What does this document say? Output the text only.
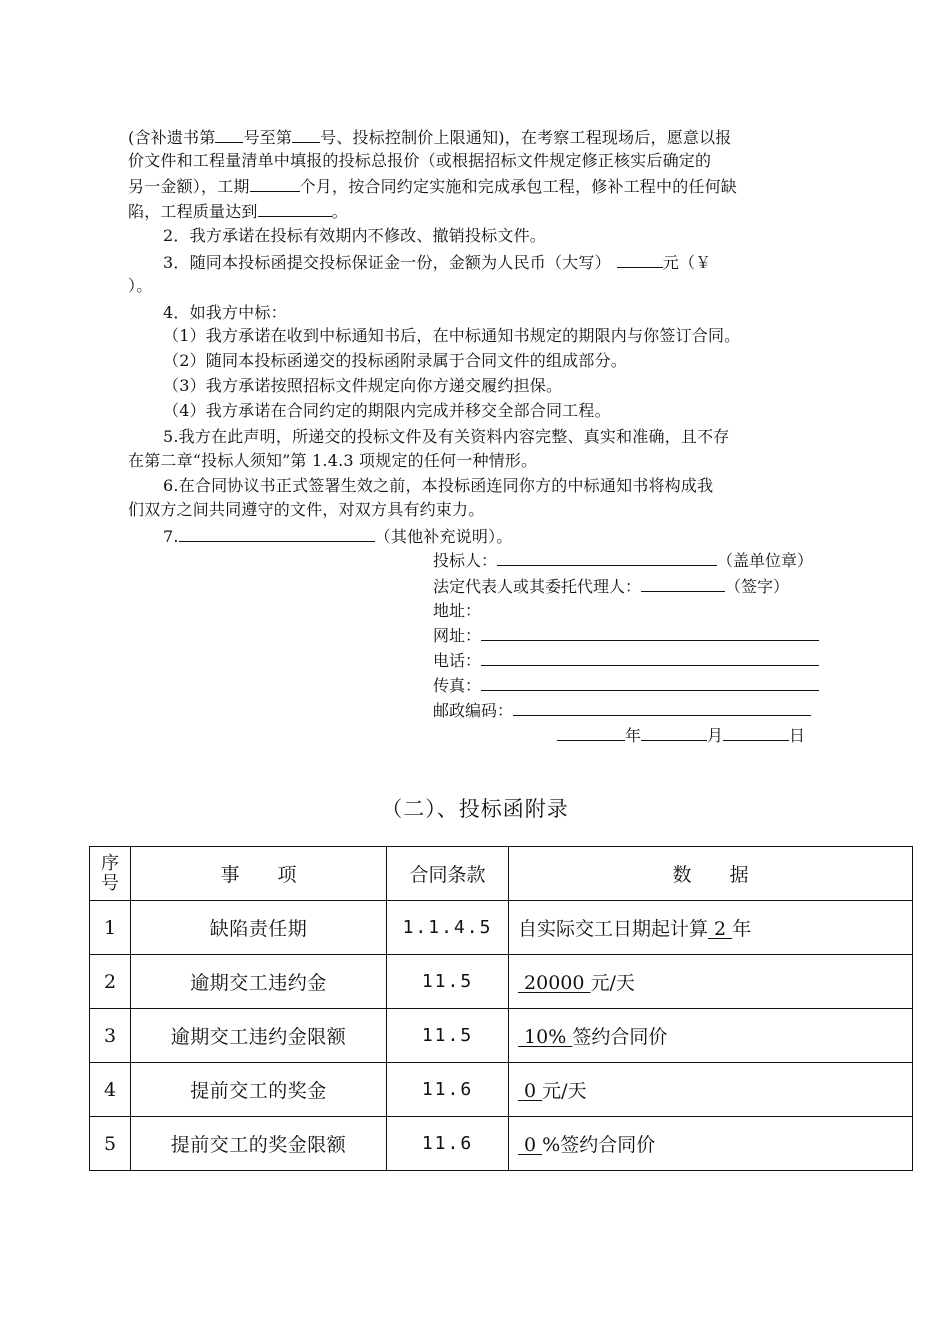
(含补遗书第 号至第 号、投标控制价上限通知)，在考察工程现场后，愿意以报
价文件和工程量清单中填报的投标总报价（或根据招标文件规定修正核实后确定的
另一金额），工期	个月，按合同约定实施和完成承包工程，修补工程中的任何缺
陷，工程质量达到	。
2．我方承诺在投标有效期内不修改、撤销投标文件。
3．随同本投标函提交投标保证金一份，金额为人民币（大写）	元（￥
）。
4．如我方中标：
（1）我方承诺在收到中标通知书后，在中标通知书规定的期限内与你签订合同。
（2）随同本投标函递交的投标函附录属于合同文件的组成部分。
（3）我方承诺按照招标文件规定向你方递交履约担保。
（4）我方承诺在合同约定的期限内完成并移交全部合同工程。
5.我方在此声明，所递交的投标文件及有关资料内容完整、真实和准确，且不存
在第二章“投标人须知”第 1.4.3 项规定的任何一种情形。
6.在合同协议书正式签署生效之前，本投标函连同你方的中标通知书将构成我
们双方之间共同遵守的文件，对双方具有约束力。
7.	（其他补充说明）。
投标人：	（盖单位章）
法定代表人或其委托代理人：	（签字）
地址：
网址：
电话：
传真：
邮政编码：
年	月	日
（二）、投标函附录
序号	事　　项	合同条款	数　　据
1	缺陷责任期	1.1.4.5	自实际交工日期起计算 2 年
2	逾期交工违约金	11.5	20000 元/天
3	逾期交工违约金限额	11.5	10% 签约合同价
4	提前交工的奖金	11.6	0 元/天
5	提前交工的奖金限额	11.6	0 %签约合同价
